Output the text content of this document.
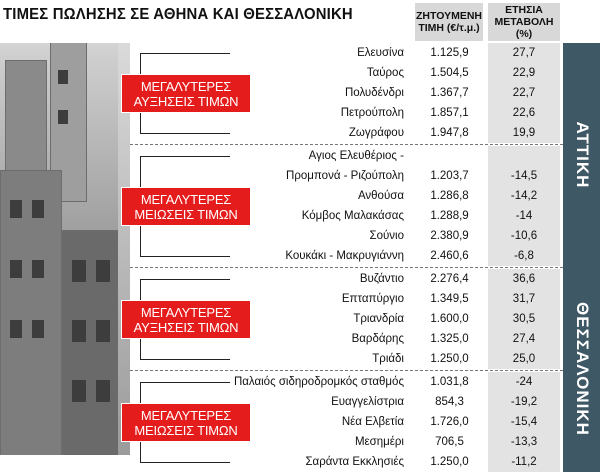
ΤΙΜΕΣ ΠΩΛΗΣΗΣ ΣΕ ΑΘΗΝΑ ΚΑΙ ΘΕΣΣΑΛΟΝΙΚΗ	ΖΗΤΟΥΜΕΝΗ
ΤΙΜΗ (€/τ.μ.)
ΕΤΗΣΙΑ
ΜΕΤΑΒΟΛΗ (%)
Ελευσίνα	1.125,9	27,7
Ταύρος	1.504,5	22,9
Πολυδένδρι	1.367,7	22,7
Πετρούπολη	1.857,1	22,6
Ζωγράφου	1.947,8	19,9
Αγιος Ελευθέριος -
Προμπονά - Ριζούπολη	1.203,7	-14,5
Ανθούσα	1.286,8	-14,2
Κόμβος Μαλακάσας	1.288,9	-14
Σούνιο	2.380,9	-10,6
Κουκάκι - Μακρυγιάννη	2.460,6	-6,8
Βυζάντιο	2.276,4	36,6
Επταπύργιο	1.349,5	31,7
Τριανδρία	1.600,0	30,5
Βαρδάρης	1.325,0	27,4
Τριάδι	1.250,0	25,0
Παλαιός σιδηροδρομκός σταθμός	1.031,8	-24
Ευαγγελίστρια	854,3	-19,2
Νέα Ελβετία	1.726,0	-15,4
Μεσημέρι	706,5	-13,3
Σαράντα Εκκλησιές	1.250,0	-11,2
ΜΕΓΑΛΥΤΕΡΕΣ
ΑΥΞΗΣΕΙΣ ΤΙΜΩΝ
ΜΕΓΑΛΥΤΕΡΕΣ
ΜΕΙΩΣΕΙΣ ΤΙΜΩΝ
ΑΤΤΙΚΗ
ΜΕΓΑΛΥΤΕΡΕΣ
ΑΥΞΗΣΕΙΣ ΤΙΜΩΝ
ΜΕΓΑΛΥΤΕΡΕΣ
ΜΕΙΩΣΕΙΣ ΤΙΜΩΝ	ΘΕΣΣΑΛΟΝΙΚΗ
